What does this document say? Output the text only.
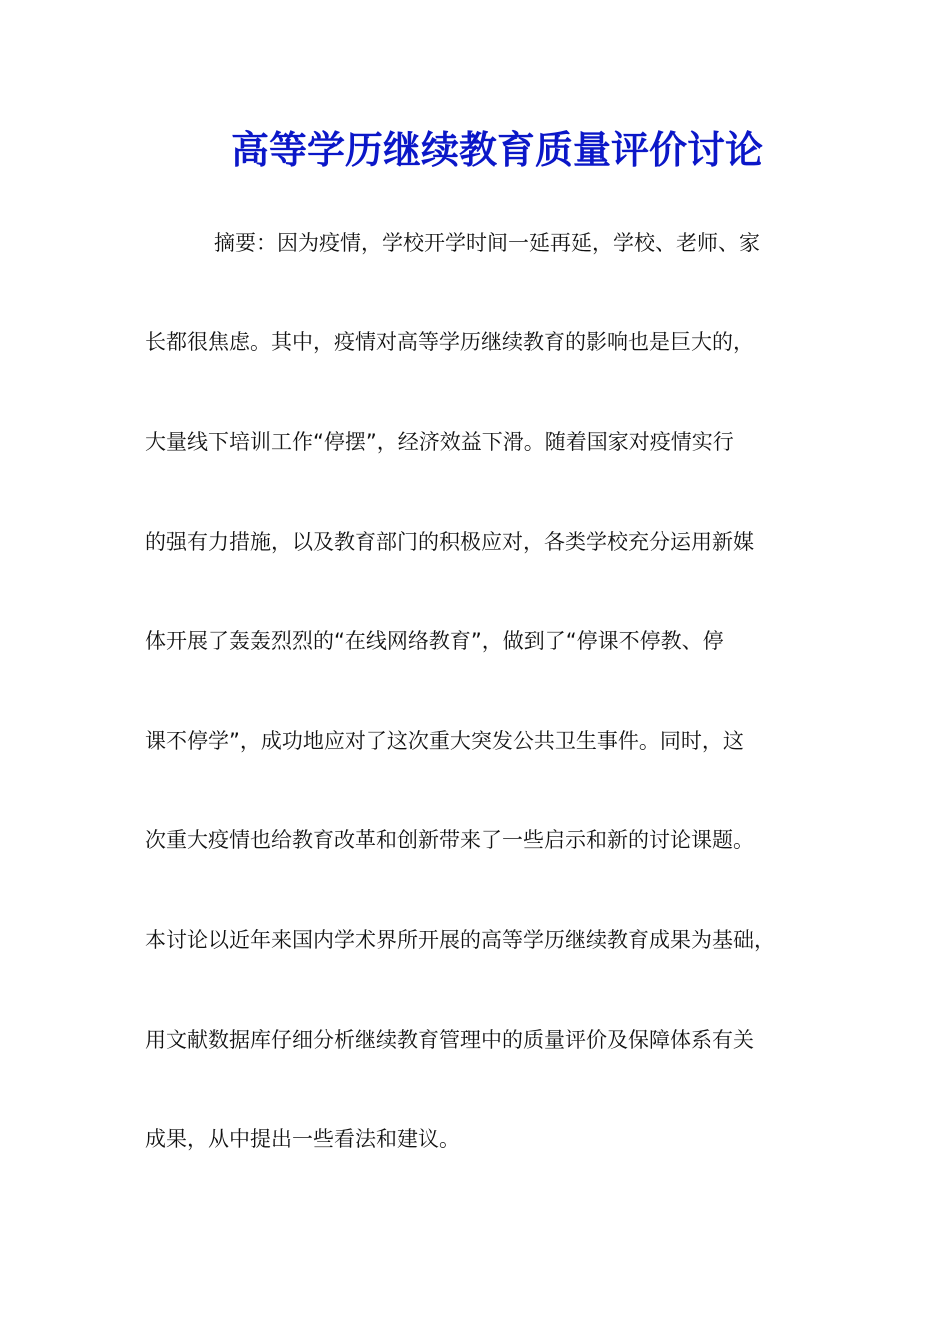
高等学历继续教育质量评价讨论
摘要：因为疫情，学校开学时间一延再延，学校、老师、家
长都很焦虑。其中，疫情对高等学历继续教育的影响也是巨大的，
大量线下培训工作“停摆”，经济效益下滑。随着国家对疫情实行
的强有力措施，以及教育部门的积极应对，各类学校充分运用新媒
体开展了轰轰烈烈的“在线网络教育”，做到了“停课不停教、停
课不停学”，成功地应对了这次重大突发公共卫生事件。同时，这
次重大疫情也给教育改革和创新带来了一些启示和新的讨论课题。
本讨论以近年来国内学术界所开展的高等学历继续教育成果为基础，
用文献数据库仔细分析继续教育管理中的质量评价及保障体系有关
成果，从中提出一些看法和建议。
